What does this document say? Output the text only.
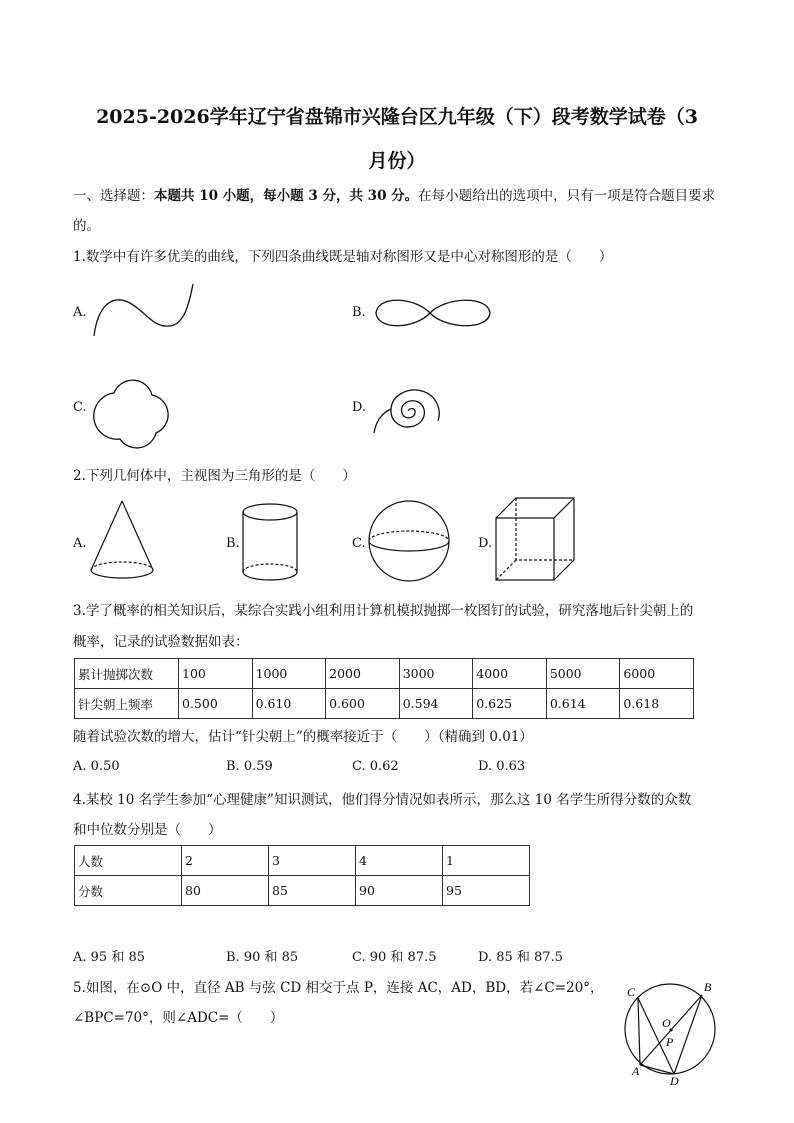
2025-2026学年辽宁省盘锦市兴隆台区九年级（下）段考数学试卷（3
月份）
一、选择题：本题共 10 小题，每小题 3 分，共 30 分。在每小题给出的选项中，只有一项是符合题目要求
的。
1.数学中有许多优美的曲线，下列四条曲线既是轴对称图形又是中心对称图形的是（　　）
A.	B.
C.	D.
2.下列几何体中，主视图为三角形的是（　　）
A.	B.	C.	D.
3.学了概率的相关知识后，某综合实践小组利用计算机模拟抛掷一枚图钉的试验，研究落地后针尖朝上的
概率，记录的试验数据如表：
累计抛掷次数	100	1000	2000	3000	4000	5000	6000
针尖朝上频率	0.500	0.610	0.600	0.594	0.625	0.614	0.618
随着试验次数的增大，估计“针尖朝上”的概率接近于（　　）（精确到 0.01）
A. 0.50	B. 0.59	C. 0.62	D. 0.63
4.某校 10 名学生参加“心理健康”知识测试，他们得分情况如表所示，那么这 10 名学生所得分数的众数
和中位数分别是（　　）
人数	2	3	4	1
分数	80	85	90	95
A. 95 和 85	B. 90 和 85	C. 90 和 87.5	D. 85 和 87.5
5.如图，在⊙O 中，直径 AB 与弦 CD 相交于点 P，连接 AC，AD，BD，若∠C=20°，
∠BPC=70°，则∠ADC=（　　）
C	B
O
P
A
D
